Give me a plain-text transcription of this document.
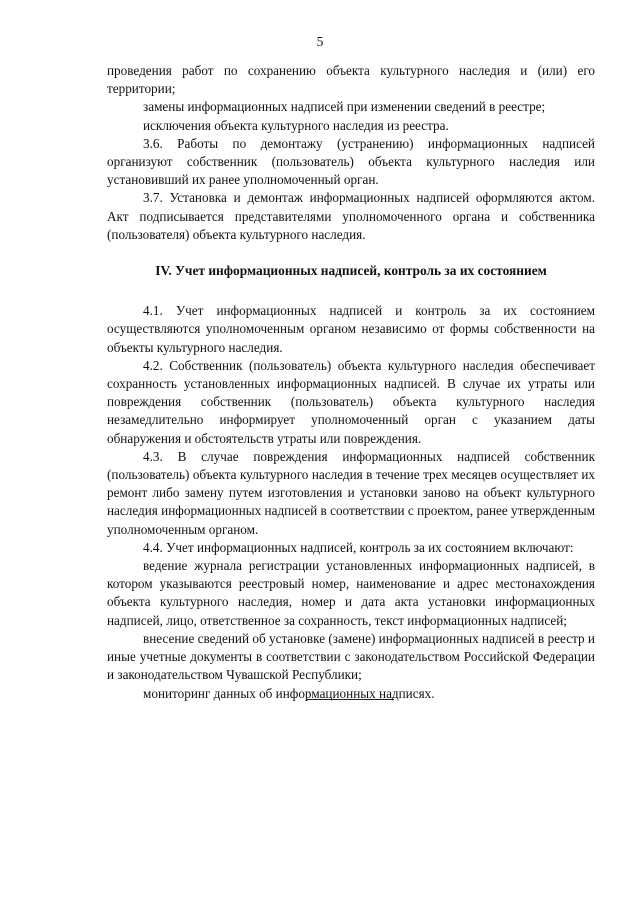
5

проведения работ по сохранению объекта культурного наследия и (или) его территории;

замены информационных надписей при изменении сведений в реестре;

исключения объекта культурного наследия из реестра.

3.6. Работы по демонтажу (устранению) информационных надписей организуют собственник (пользователь) объекта культурного наследия или установивший их ранее уполномоченный орган.

3.7. Установка и демонтаж информационных надписей оформляются актом. Акт подписывается представителями уполномоченного органа и собственника (пользователя) объекта культурного наследия.

IV. Учет информационных надписей, контроль за их состоянием

4.1. Учет информационных надписей и контроль за их состоянием осуществляются уполномоченным органом независимо от формы собственности на объекты культурного наследия.

4.2. Собственник (пользователь) объекта культурного наследия обеспечивает сохранность установленных информационных надписей. В случае их утраты или повреждения собственник (пользователь) объекта культурного наследия незамедлительно информирует уполномоченный орган с указанием даты обнаружения и обстоятельств утраты или повреждения.

4.3. В случае повреждения информационных надписей собственник (пользователь) объекта культурного наследия в течение трех месяцев осуществляет их ремонт либо замену путем изготовления и установки заново на объект культурного наследия информационных надписей в соответствии с проектом, ранее утвержденным уполномоченным органом.

4.4. Учет информационных надписей, контроль за их состоянием включают:

ведение журнала регистрации установленных информационных надписей, в котором указываются реестровый номер, наименование и адрес местонахождения объекта культурного наследия, номер и дата акта установки информационных надписей, лицо, ответственное за сохранность, текст информационных надписей;

внесение сведений об установке (замене) информационных надписей в реестр и иные учетные документы в соответствии с законодательством Российской Федерации и законодательством Чувашской Республики;

мониторинг данных об информационных надписях.
